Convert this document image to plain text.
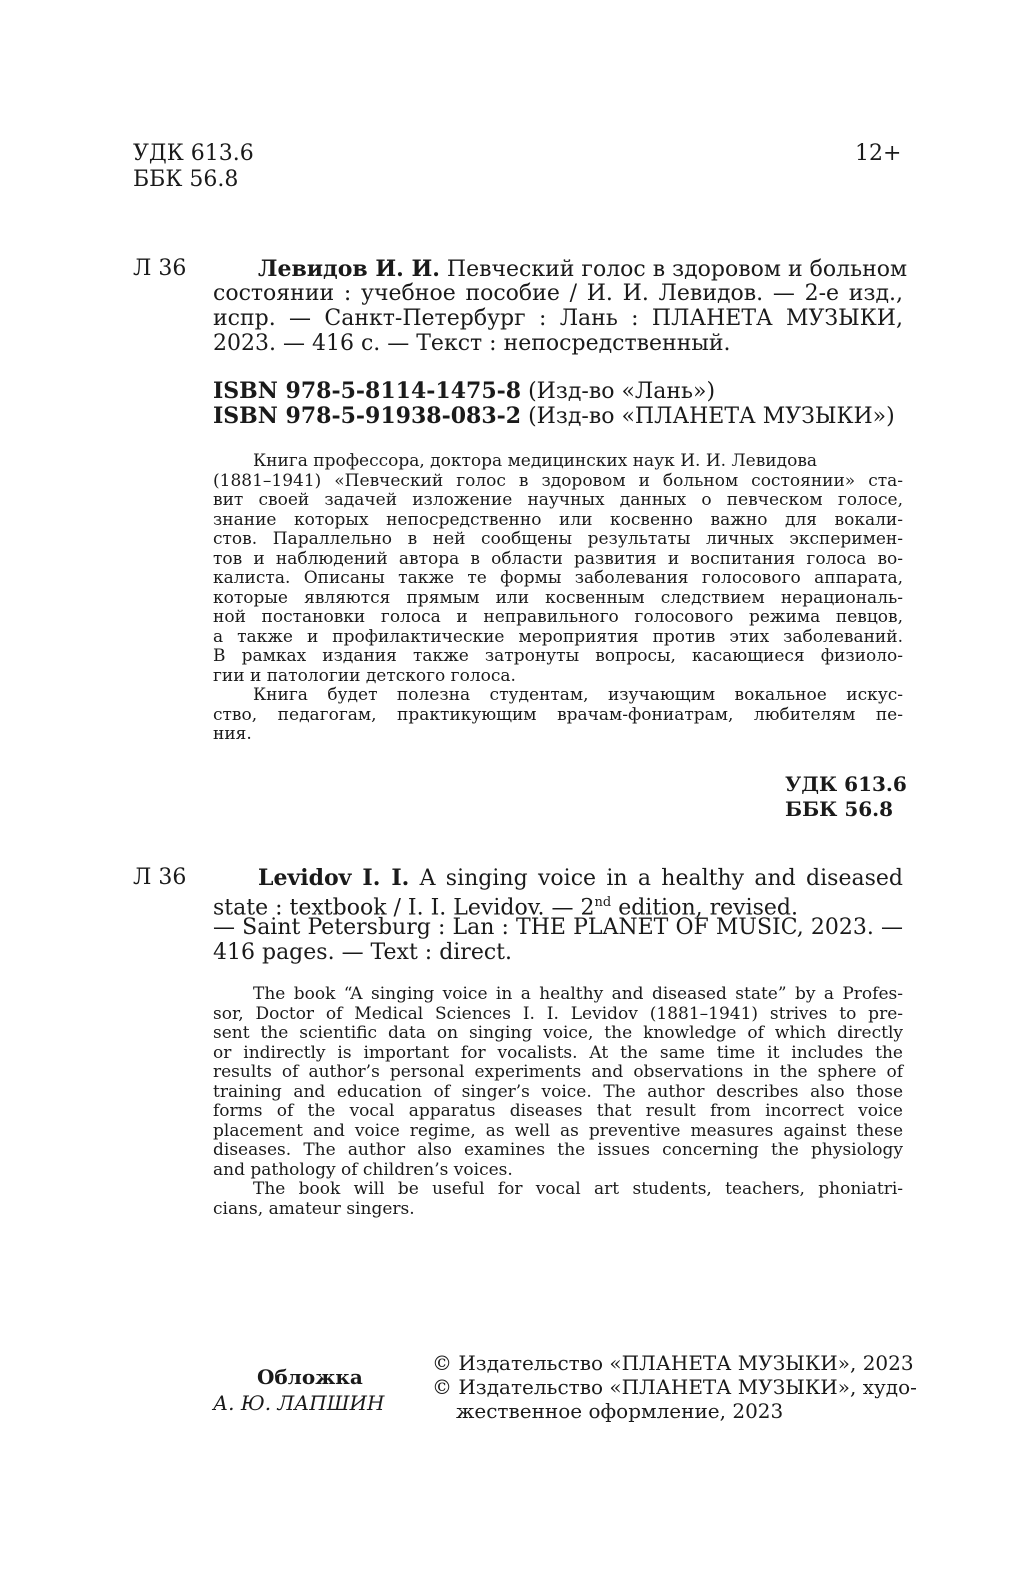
УДК 613.6
ББК 56.8
12+
Л 36	Левидов И. И. Певческий голос в здоровом и больном
состоянии : учебное пособие / И. И. Левидов. — 2-е изд.,
испр. — Санкт-Петербург : Лань : ПЛАНЕТА МУЗЫКИ,
2023. — 416 с. — Текст : непосредственный.
ISBN 978-5-8114-1475-8 (Изд-во «Лань»)
ISBN 978-5-91938-083-2 (Изд-во «ПЛАНЕТА МУЗЫКИ»)
Книга профессора, доктора медицинских наук И. И. Левидова
(1881–1941) «Певческий голос в здоровом и больном состоянии» ста-
вит своей задачей изложение научных данных о певческом голосе,
знание которых непосредственно или косвенно важно для вокали-
стов. Параллельно в ней сообщены результаты личных эксперимен-
тов и наблюдений автора в области развития и воспитания голоса во-
калиста. Описаны также те формы заболевания голосового аппарата,
которые являются прямым или косвенным следствием нерациональ-
ной постановки голоса и неправильного голосового режима певцов,
а также и профилактические мероприятия против этих заболеваний.
В рамках издания также затронуты вопросы, касающиеся физиоло-
гии и патологии детского голоса.
Книга будет полезна студентам, изучающим вокальное искус-
ство, педагогам, практикующим врачам-фониатрам, любителям пе-
ния.
УДК 613.6
ББК 56.8
Л 36	Levidov I. I. A singing voice in a healthy and diseased
state : textbook / I. I. Levidov. — 2nd edition, revised.
— Saint Petersburg : Lan : THE PLANET OF MUSIC, 2023. —
416 pages. — Text : direct.
The book “A singing voice in a healthy and diseased state” by a Profes-
sor, Doctor of Medical Sciences I. I. Levidov (1881–1941) strives to pre-
sent the scientific data on singing voice, the knowledge of which directly
or indirectly is important for vocalists. At the same time it includes the
results of author’s personal experiments and observations in the sphere of
training and education of singer’s voice. The author describes also those
forms of the vocal apparatus diseases that result from incorrect voice
placement and voice regime, as well as preventive measures against these
diseases. The author also examines the issues concerning the physiology
and pathology of children’s voices.
The book will be useful for vocal art students, teachers, phoniatri-
cians, amateur singers.
Обложка
А. Ю. ЛАПШИН
© Издательство «ПЛАНЕТА МУЗЫКИ», 2023
© Издательство «ПЛАНЕТА МУЗЫКИ», худо-
жественное оформление, 2023
